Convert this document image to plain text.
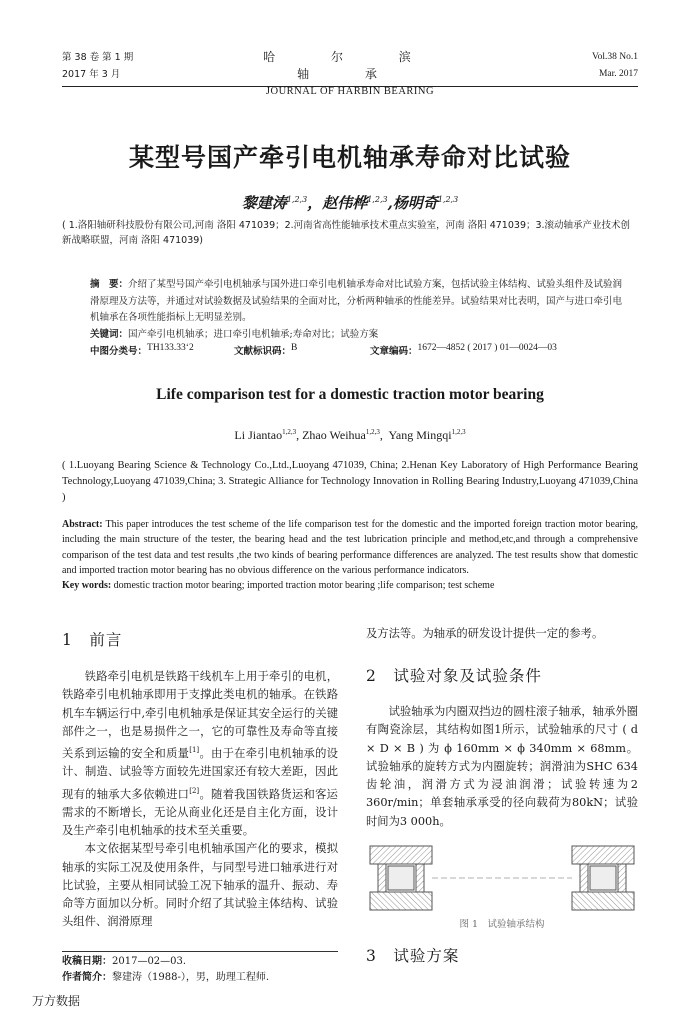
第 38 卷 第 1 期
2017 年 3 月
哈 尔 滨 轴 承
JOURNAL OF HARBIN BEARING
Vol.38 No.1
Mar. 2017
某型号国产牵引电机轴承寿命对比试验
黎建涛$^{1,2,3}$，赵伟桦$^{1,2,3}$,杨明奇$^{1,2,3}$
( 1.洛阳轴研科技股份有限公司,河南 洛阳 471039；2.河南省高性能轴承技术重点实验室，河南 洛阳 471039；3.滚动轴承产业技术创新战略联盟，河南 洛阳 471039)
摘　要：介绍了某型号国产牵引电机轴承与国外进口牵引电机轴承寿命对比试验方案，包括试验主体结构、试验头组件及试验润滑原理及方法等，并通过对试验数据及试验结果的全面对比，分析两种轴承的性能差异。试验结果对比表明，国产与进口牵引电机轴承在各项性能指标上无明显差别。
关键词：国产牵引电机轴承；进口牵引电机轴承;寿命对比；试验方案
中图分类号： TH133.33‘2	文献标识码： B	文章编码： 1672—4852 ( 2017 ) 01—0024—03
Life comparison test for a domestic traction motor bearing
Li Jiantao$^{1,2,3}$, Zhao Weihua$^{1,2,3}$,  Yang Mingqi$^{1,2,3}$
( 1.Luoyang Bearing Science & Technology Co.,Ltd.,Luoyang 471039, China; 2.Henan Key Laboratory of High Performance Bearing Technology,Luoyang 471039,China; 3. Strategic Alliance for Technology Innovation in Rolling Bearing Industry,Luoyang 471039,China )
Abstract: This paper introduces the test scheme of the life comparison test for the domestic and the imported foreign traction motor bearing, including the main structure of the tester, the bearing head and the test lubrication principle and method,etc,and through a comprehensive comparison of the test data and test results ,the two kinds of bearing performance differences are analyzed. The test results show that domestic and imported traction motor bearing has no obvious difference on the various performance indicators.
Key words: domestic traction motor bearing; imported traction motor bearing ;life comparison; test scheme
1　前言

铁路牵引电机是铁路干线机车上用于牵引的电机，铁路牵引电机轴承即用于支撑此类电机的轴承。在铁路机车车辆运行中,牵引电机轴承是保证其安全运行的关键部件之一，也是易损件之一，它的可靠性及寿命等直接关系到运输的安全和质量[1]。由于在牵引电机轴承的设计、制造、试验等方面较先进国家还有较大差距，因此现有的轴承大多依赖进口[2]。随着我国铁路货运和客运需求的不断增长，无论从商业化还是自主化方面，设计及生产牵引电机轴承的技术至关重要。

本文依据某型号牵引电机轴承国产化的要求，模拟轴承的实际工况及使用条件，与同型号进口轴承进行对比试验，主要从相同试验工况下轴承的温升、振动、寿命等方面加以分析。同时介绍了其试验主体结构、试验头组件、润滑原理

及方法等。为轴承的研发设计提供一定的参考。
2　试验对象及试验条件

试验轴承为内圈双挡边的圆柱滚子轴承，轴承外圈有陶瓷涂层，其结构如图1所示，试验轴承的尺寸 ( d × D × B ) 为 ϕ 160mm × ϕ 340mm × 68mm。试验轴承的旋转方式为内圈旋转；润滑油为SHC 634齿轮油，润滑方式为浸油润滑；试验转速为2 360r/min；单套轴承承受的径向载荷为80kN；试验时间为3 000h。

图 1　试验轴承结构
3　试验方案
收稿日期：2017—02—03.
作者简介：黎建涛（1988-），男，助理工程师.
万方数据
